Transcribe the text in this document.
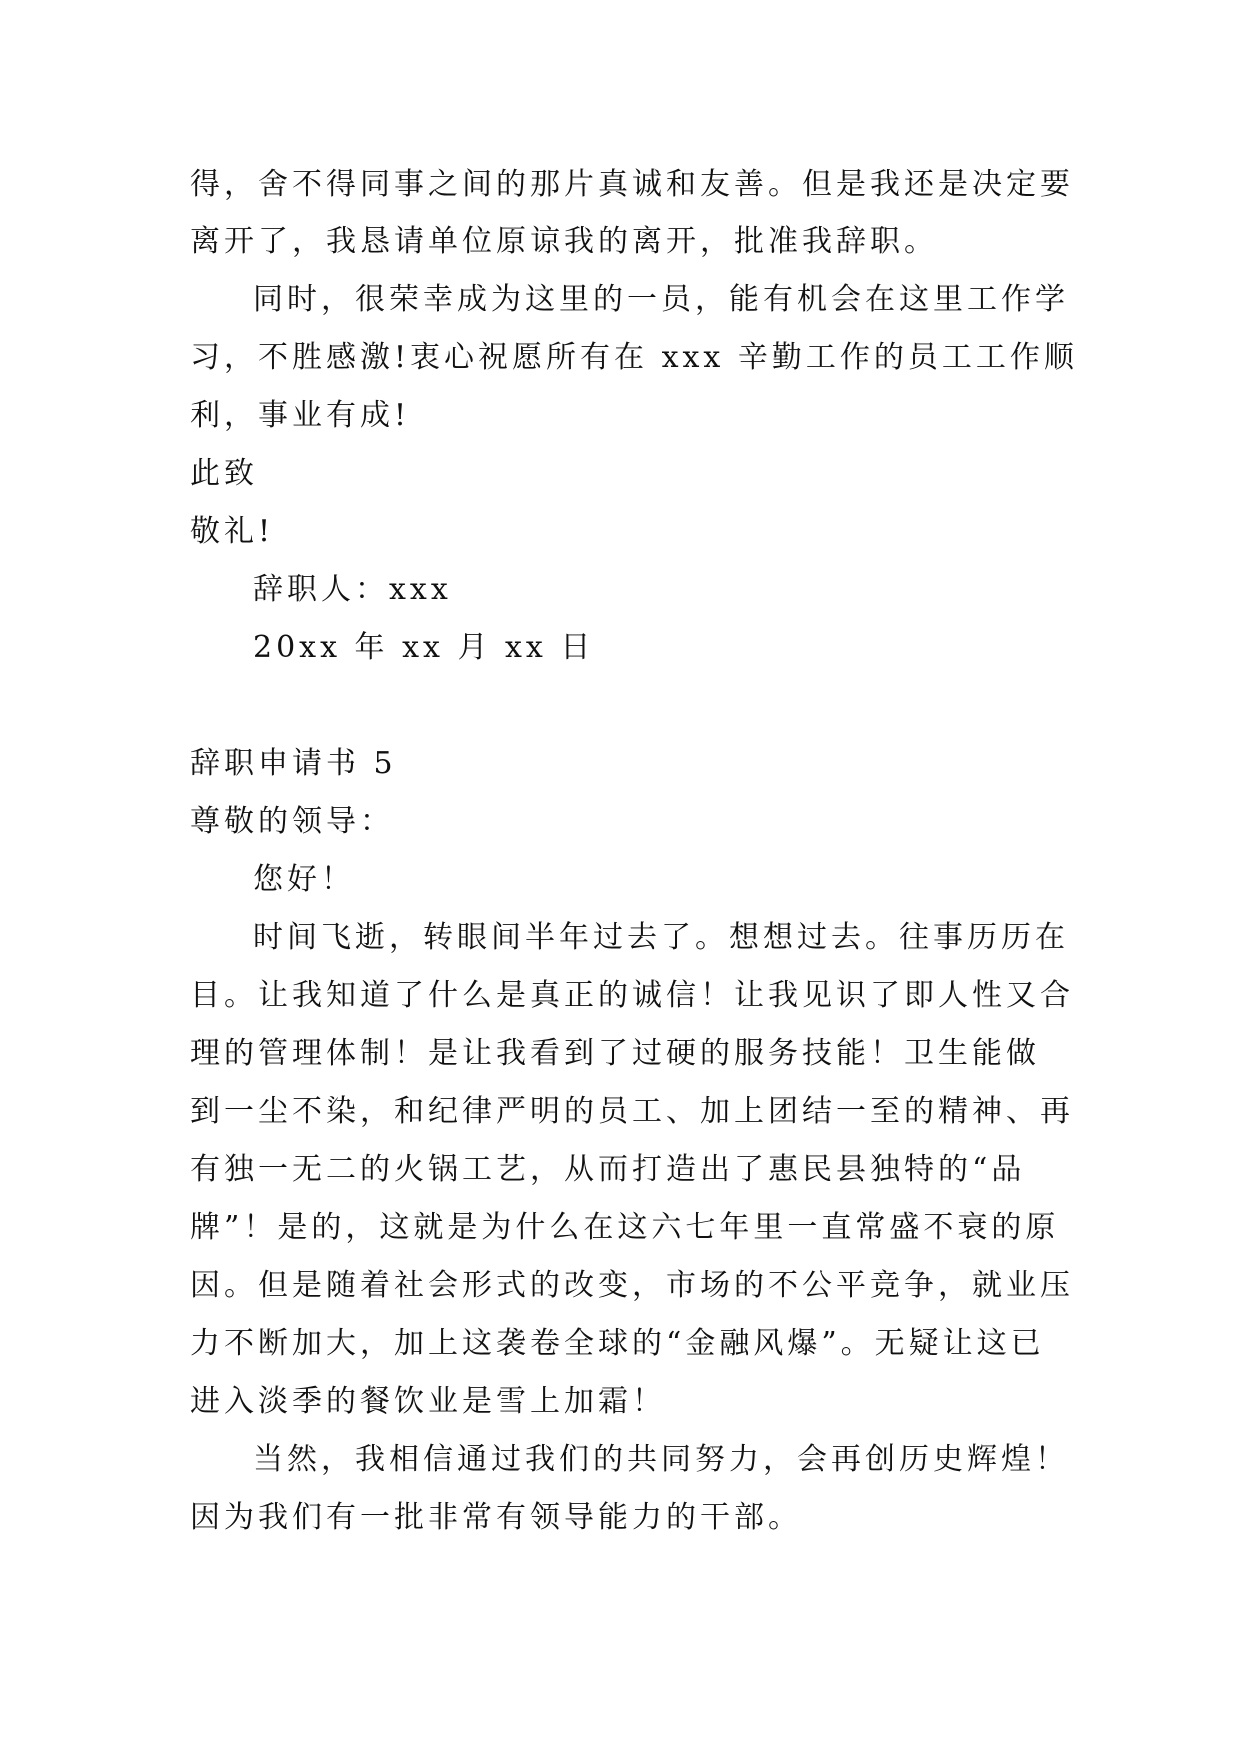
得，舍不得同事之间的那片真诚和友善。但是我还是决定要
离开了，我恳请单位原谅我的离开，批准我辞职。
同时，很荣幸成为这里的一员，能有机会在这里工作学
习，不胜感激!衷心祝愿所有在 xxx 辛勤工作的员工工作顺
利，事业有成!
此致
敬礼!
辞职人：xxx
20xx 年 xx 月 xx 日
辞职申请书 5
尊敬的领导：
您好！
时间飞逝，转眼间半年过去了。想想过去。往事历历在
目。让我知道了什么是真正的诚信！让我见识了即人性又合
理的管理体制！是让我看到了过硬的服务技能！卫生能做
到一尘不染，和纪律严明的员工、加上团结一至的精神、再
有独一无二的火锅工艺，从而打造出了惠民县独特的“品
牌”！是的，这就是为什么在这六七年里一直常盛不衰的原
因。但是随着社会形式的改变，市场的不公平竞争，就业压
力不断加大，加上这袭卷全球的“金融风爆”。无疑让这已
进入淡季的餐饮业是雪上加霜！
当然，我相信通过我们的共同努力，会再创历史辉煌！
因为我们有一批非常有领导能力的干部。
